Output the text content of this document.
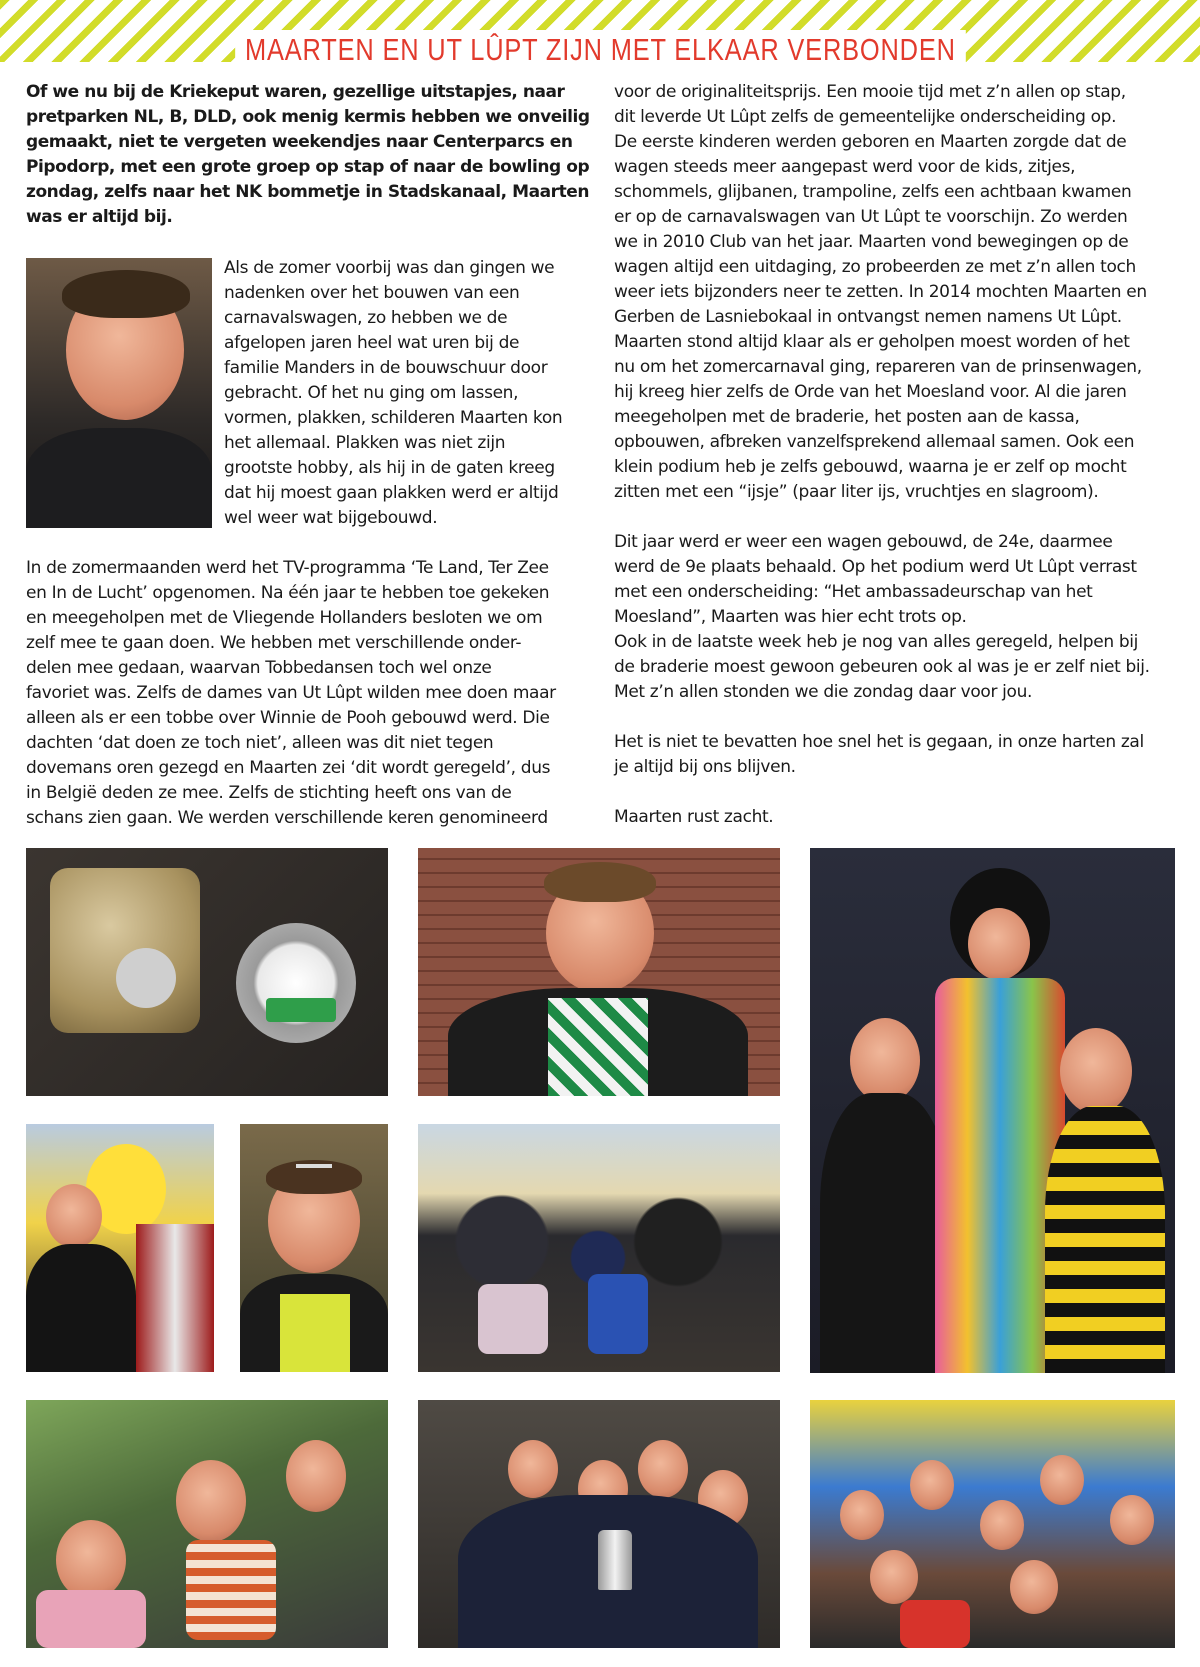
MAARTEN EN UT LÛPT ZIJN MET ELKAAR VERBONDEN

Of we nu bij de Kriekeput waren, gezellige uitstapjes, naar

pretparken NL, B, DLD, ook menig kermis hebben we onveilig

gemaakt, niet te vergeten weekendjes naar Centerparcs en

Pipodorp, met een grote groep op stap of naar de bowling op

zondag, zelfs naar het NK bommetje in Stadskanaal, Maarten

was er altijd bij.

Als de zomer voorbij was dan gingen we

nadenken over het bouwen van een

carnavalswagen, zo hebben we de

afgelopen jaren heel wat uren bij de

familie Manders in de bouwschuur door

gebracht. Of het nu ging om lassen,

vormen, plakken, schilderen Maarten kon

het allemaal. Plakken was niet zijn

grootste hobby, als hij in de gaten kreeg

dat hij moest gaan plakken werd er altijd

wel weer wat bijgebouwd.

In de zomermaanden werd het TV-programma ‘Te Land, Ter Zee

en In de Lucht’ opgenomen. Na één jaar te hebben toe gekeken

en meegeholpen met de Vliegende Hollanders besloten we om

zelf mee te gaan doen. We hebben met verschillende onder-

delen mee gedaan, waarvan Tobbedansen toch wel onze

favoriet was. Zelfs de dames van Ut Lûpt wilden mee doen maar

alleen als er een tobbe over Winnie de Pooh gebouwd werd. Die

dachten ‘dat doen ze toch niet’, alleen was dit niet tegen

dovemans oren gezegd en Maarten zei ‘dit wordt geregeld’, dus

in België deden ze mee. Zelfs de stichting heeft ons van de

schans zien gaan. We werden verschillende keren genomineerd

voor de originaliteitsprijs. Een mooie tijd met z’n allen op stap,

dit leverde Ut Lûpt zelfs de gemeentelijke onderscheiding op.

De eerste kinderen werden geboren en Maarten zorgde dat de

wagen steeds meer aangepast werd voor de kids, zitjes,

schommels, glijbanen, trampoline, zelfs een achtbaan kwamen

er op de carnavalswagen van Ut Lûpt te voorschijn. Zo werden

we in 2010 Club van het jaar. Maarten vond bewegingen op de

wagen altijd een uitdaging, zo probeerden ze met z’n allen toch

weer iets bijzonders neer te zetten. In 2014 mochten Maarten en

Gerben de Lasniebokaal in ontvangst nemen namens Ut Lûpt.

Maarten stond altijd klaar als er geholpen moest worden of het

nu om het zomercarnaval ging, repareren van de prinsenwagen,

hij kreeg hier zelfs de Orde van het Moesland voor. Al die jaren

meegeholpen met de braderie, het posten aan de kassa,

opbouwen, afbreken vanzelfsprekend allemaal samen. Ook een

klein podium heb je zelfs gebouwd, waarna je er zelf op mocht

zitten met een “ijsje” (paar liter ijs, vruchtjes en slagroom).

Dit jaar werd er weer een wagen gebouwd, de 24e, daarmee

werd de 9e plaats behaald. Op het podium werd Ut Lûpt verrast

met een onderscheiding: “Het ambassadeurschap van het

Moesland”, Maarten was hier echt trots op.

Ook in de laatste week heb je nog van alles geregeld, helpen bij

de braderie moest gewoon gebeuren ook al was je er zelf niet bij.

Met z’n allen stonden we die zondag daar voor jou.

Het is niet te bevatten hoe snel het is gegaan, in onze harten zal

je altijd bij ons blijven.

Maarten rust zacht.
